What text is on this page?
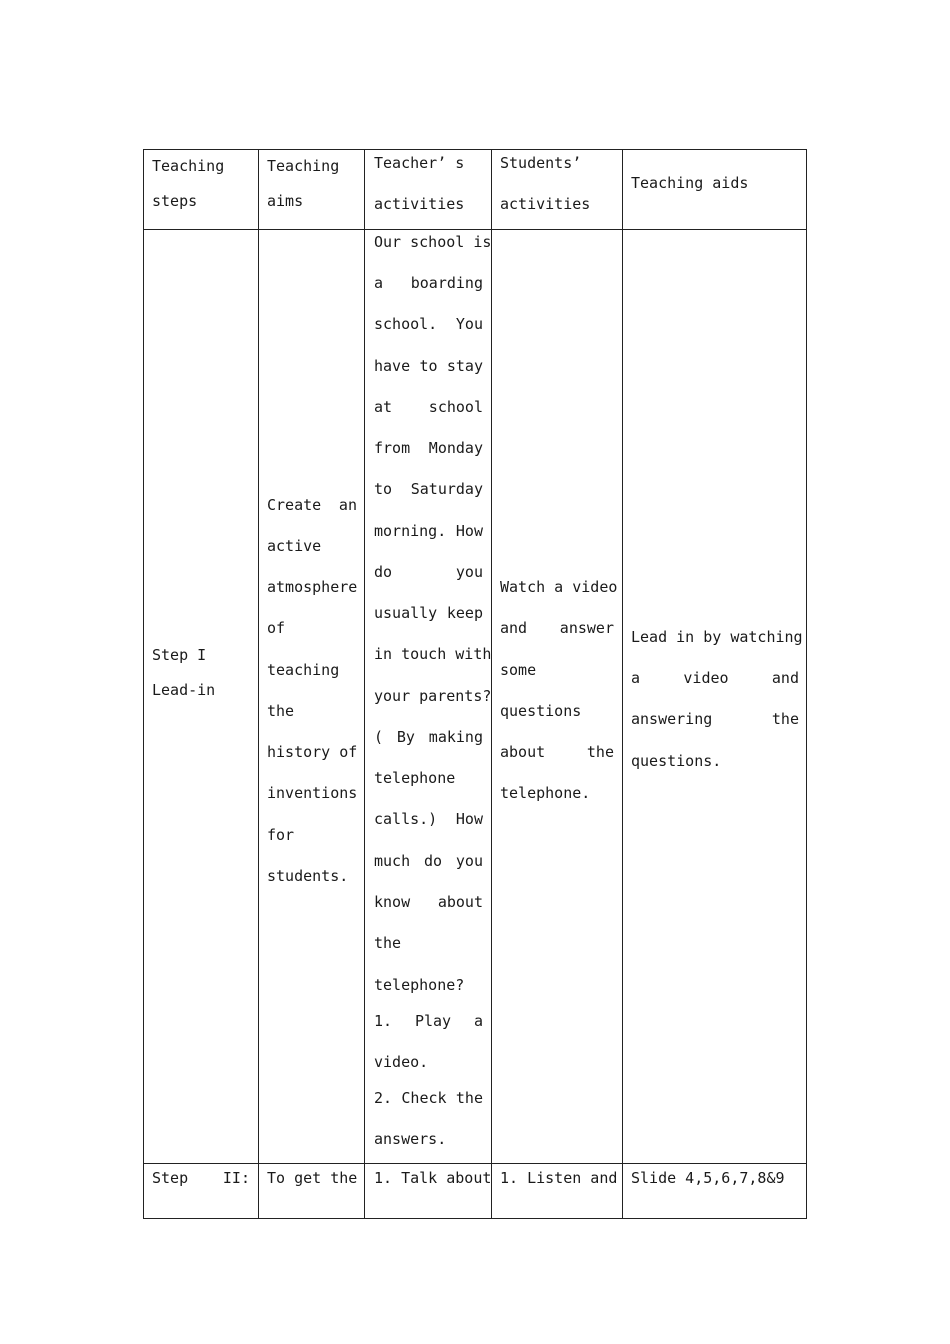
Teaching
steps
Teaching
aims
Teacher’ s
activities
Students’
activities
Teaching aids
Step I
Lead-in
Create an
active
atmosphere
of
teaching
the
history of
inventions
for
students.
Our school is
a boarding
school. You
have to stay
at school
from Monday
to Saturday
morning. How
do you
usually keep
in touch with
your parents?
( By making
telephone
calls.) How
much do you
know about
the
telephone?
1. Play a
video.
2. Check the
answers.
Watch a video
and answer
some
questions
about the
telephone.
Lead in by watching
a video and
answering the
questions.
Step II: To get the 1. Talk about 1. Listen and Slide 4,5,6,7,8&9
